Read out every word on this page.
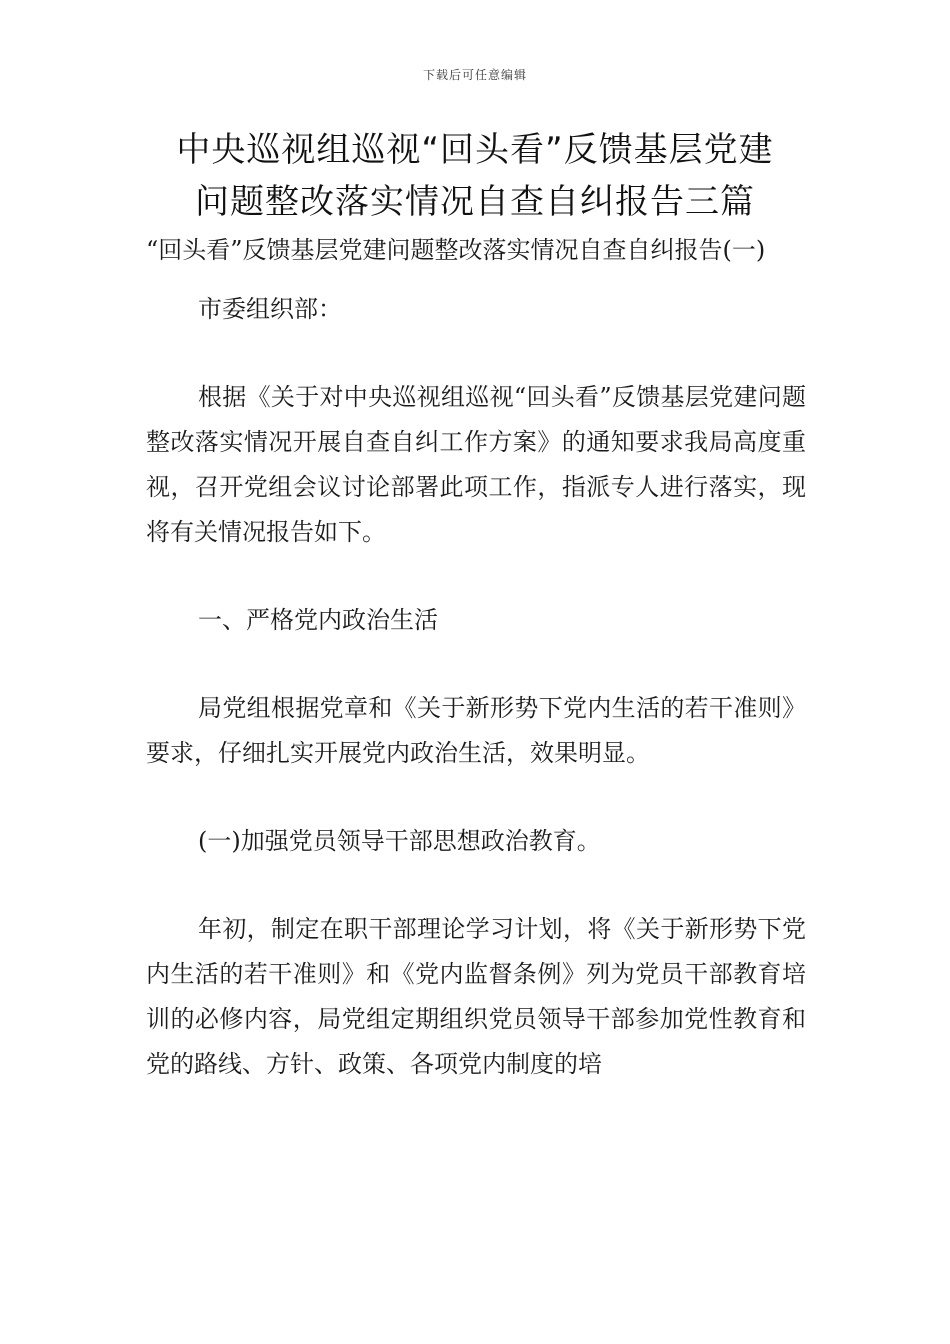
下载后可任意编辑
中央巡视组巡视“回头看”反馈基层党建
问题整改落实情况自查自纠报告三篇

“回头看”反馈基层党建问题整改落实情况自查自纠报告(一)

市委组织部：

根据《关于对中央巡视组巡视“回头看”反馈基层党建问题整改落实情况开展自查自纠工作方案》的通知要求我局高度重视，召开党组会议讨论部署此项工作，指派专人进行落实，现将有关情况报告如下。

一、严格党内政治生活

局党组根据党章和《关于新形势下党内生活的若干准则》要求，仔细扎实开展党内政治生活，效果明显。

(一)加强党员领导干部思想政治教育。

年初，制定在职干部理论学习计划，将《关于新形势下党内生活的若干准则》和《党内监督条例》列为党员干部教育培训的必修内容，局党组定期组织党员领导干部参加党性教育和党的路线、方针、政策、各项党内制度的培
